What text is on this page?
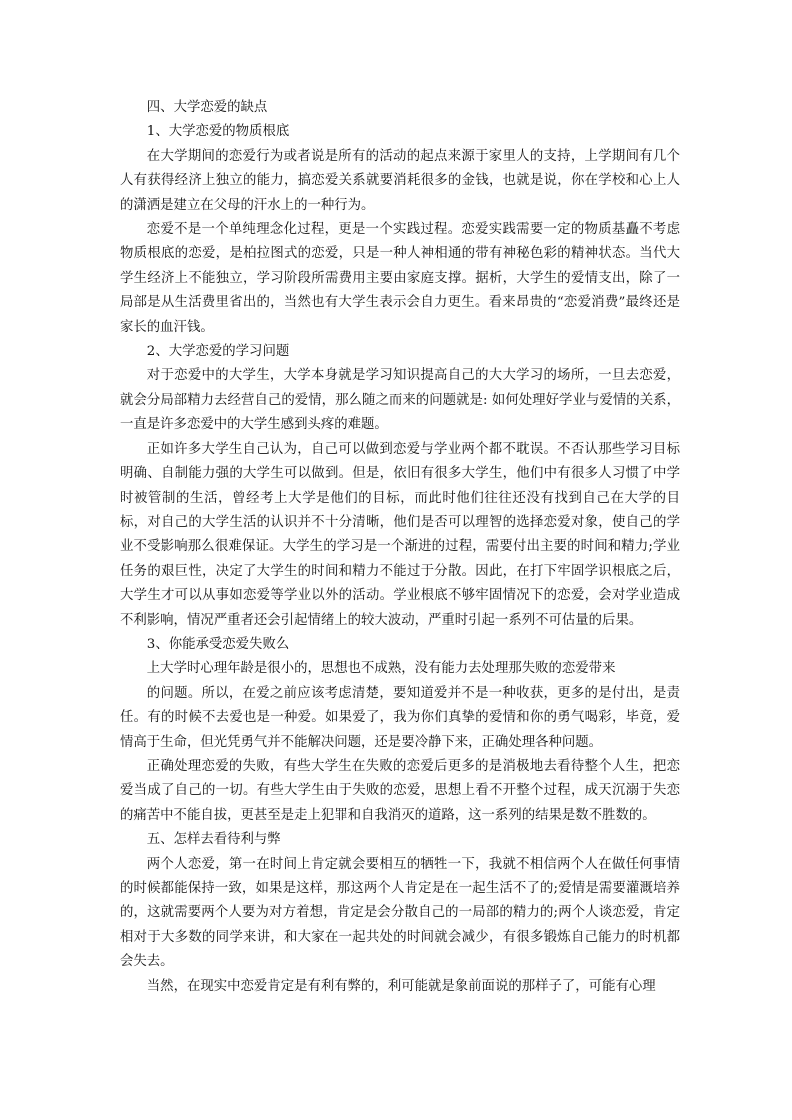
四、大学恋爱的缺点

1、大学恋爱的物质根底

在大学期间的恋爱行为或者说是所有的活动的起点来源于家里人的支持，上学期间有几个人有获得经济上独立的能力，搞恋爱关系就要消耗很多的金钱，也就是说，你在学校和心上人的潇洒是建立在父母的汗水上的一种行为。

恋爱不是一个单纯理念化过程，更是一个实践过程。恋爱实践需要一定的物质基矗不考虑物质根底的恋爱，是柏拉图式的恋爱，只是一种人神相通的带有神秘色彩的精神状态。当代大学生经济上不能独立，学习阶段所需费用主要由家庭支撑。据析，大学生的爱情支出，除了一局部是从生活费里省出的，当然也有大学生表示会自力更生。看来昂贵的“恋爱消费”最终还是家长的血汗钱。

2、大学恋爱的学习问题

对于恋爱中的大学生，大学本身就是学习知识提高自己的大大学习的场所，一旦去恋爱，就会分局部精力去经营自己的爱情，那么随之而来的问题就是: 如何处理好学业与爱情的关系，一直是许多恋爱中的大学生感到头疼的难题。

正如许多大学生自己认为，自己可以做到恋爱与学业两个都不耽误。不否认那些学习目标明确、自制能力强的大学生可以做到。但是，依旧有很多大学生，他们中有很多人习惯了中学时被管制的生活，曾经考上大学是他们的目标，而此时他们往往还没有找到自己在大学的目标，对自己的大学生活的认识并不十分清晰，他们是否可以理智的选择恋爱对象，使自己的学业不受影响那么很难保证。大学生的学习是一个渐进的过程，需要付出主要的时间和精力;学业任务的艰巨性，决定了大学生的时间和精力不能过于分散。因此，在打下牢固学识根底之后，大学生才可以从事如恋爱等学业以外的活动。学业根底不够牢固情况下的恋爱，会对学业造成不利影响，情况严重者还会引起情绪上的较大波动，严重时引起一系列不可估量的后果。

3、你能承受恋爱失败么

上大学时心理年龄是很小的，思想也不成熟，没有能力去处理那失败的恋爱带来

的问题。所以，在爱之前应该考虑清楚，要知道爱并不是一种收获，更多的是付出，是责任。有的时候不去爱也是一种爱。如果爱了，我为你们真挚的爱情和你的勇气喝彩，毕竟，爱情高于生命，但光凭勇气并不能解决问题，还是要冷静下来，正确处理各种问题。

正确处理恋爱的失败，有些大学生在失败的恋爱后更多的是消极地去看待整个人生，把恋爱当成了自己的一切。有些大学生由于失败的恋爱，思想上看不开整个过程，成天沉溺于失恋的痛苦中不能自拔，更甚至是走上犯罪和自我消灭的道路，这一系列的结果是数不胜数的。

五、怎样去看待利与弊

两个人恋爱，第一在时间上肯定就会要相互的牺牲一下，我就不相信两个人在做任何事情的时候都能保持一致，如果是这样，那这两个人肯定是在一起生活不了的;爱情是需要灌溉培养的，这就需要两个人要为对方着想，肯定是会分散自己的一局部的精力的;两个人谈恋爱，肯定相对于大多数的同学来讲，和大家在一起共处的时间就会减少，有很多锻炼自己能力的时机都会失去。

当然，在现实中恋爱肯定是有利有弊的，利可能就是象前面说的那样子了，可能有心理
